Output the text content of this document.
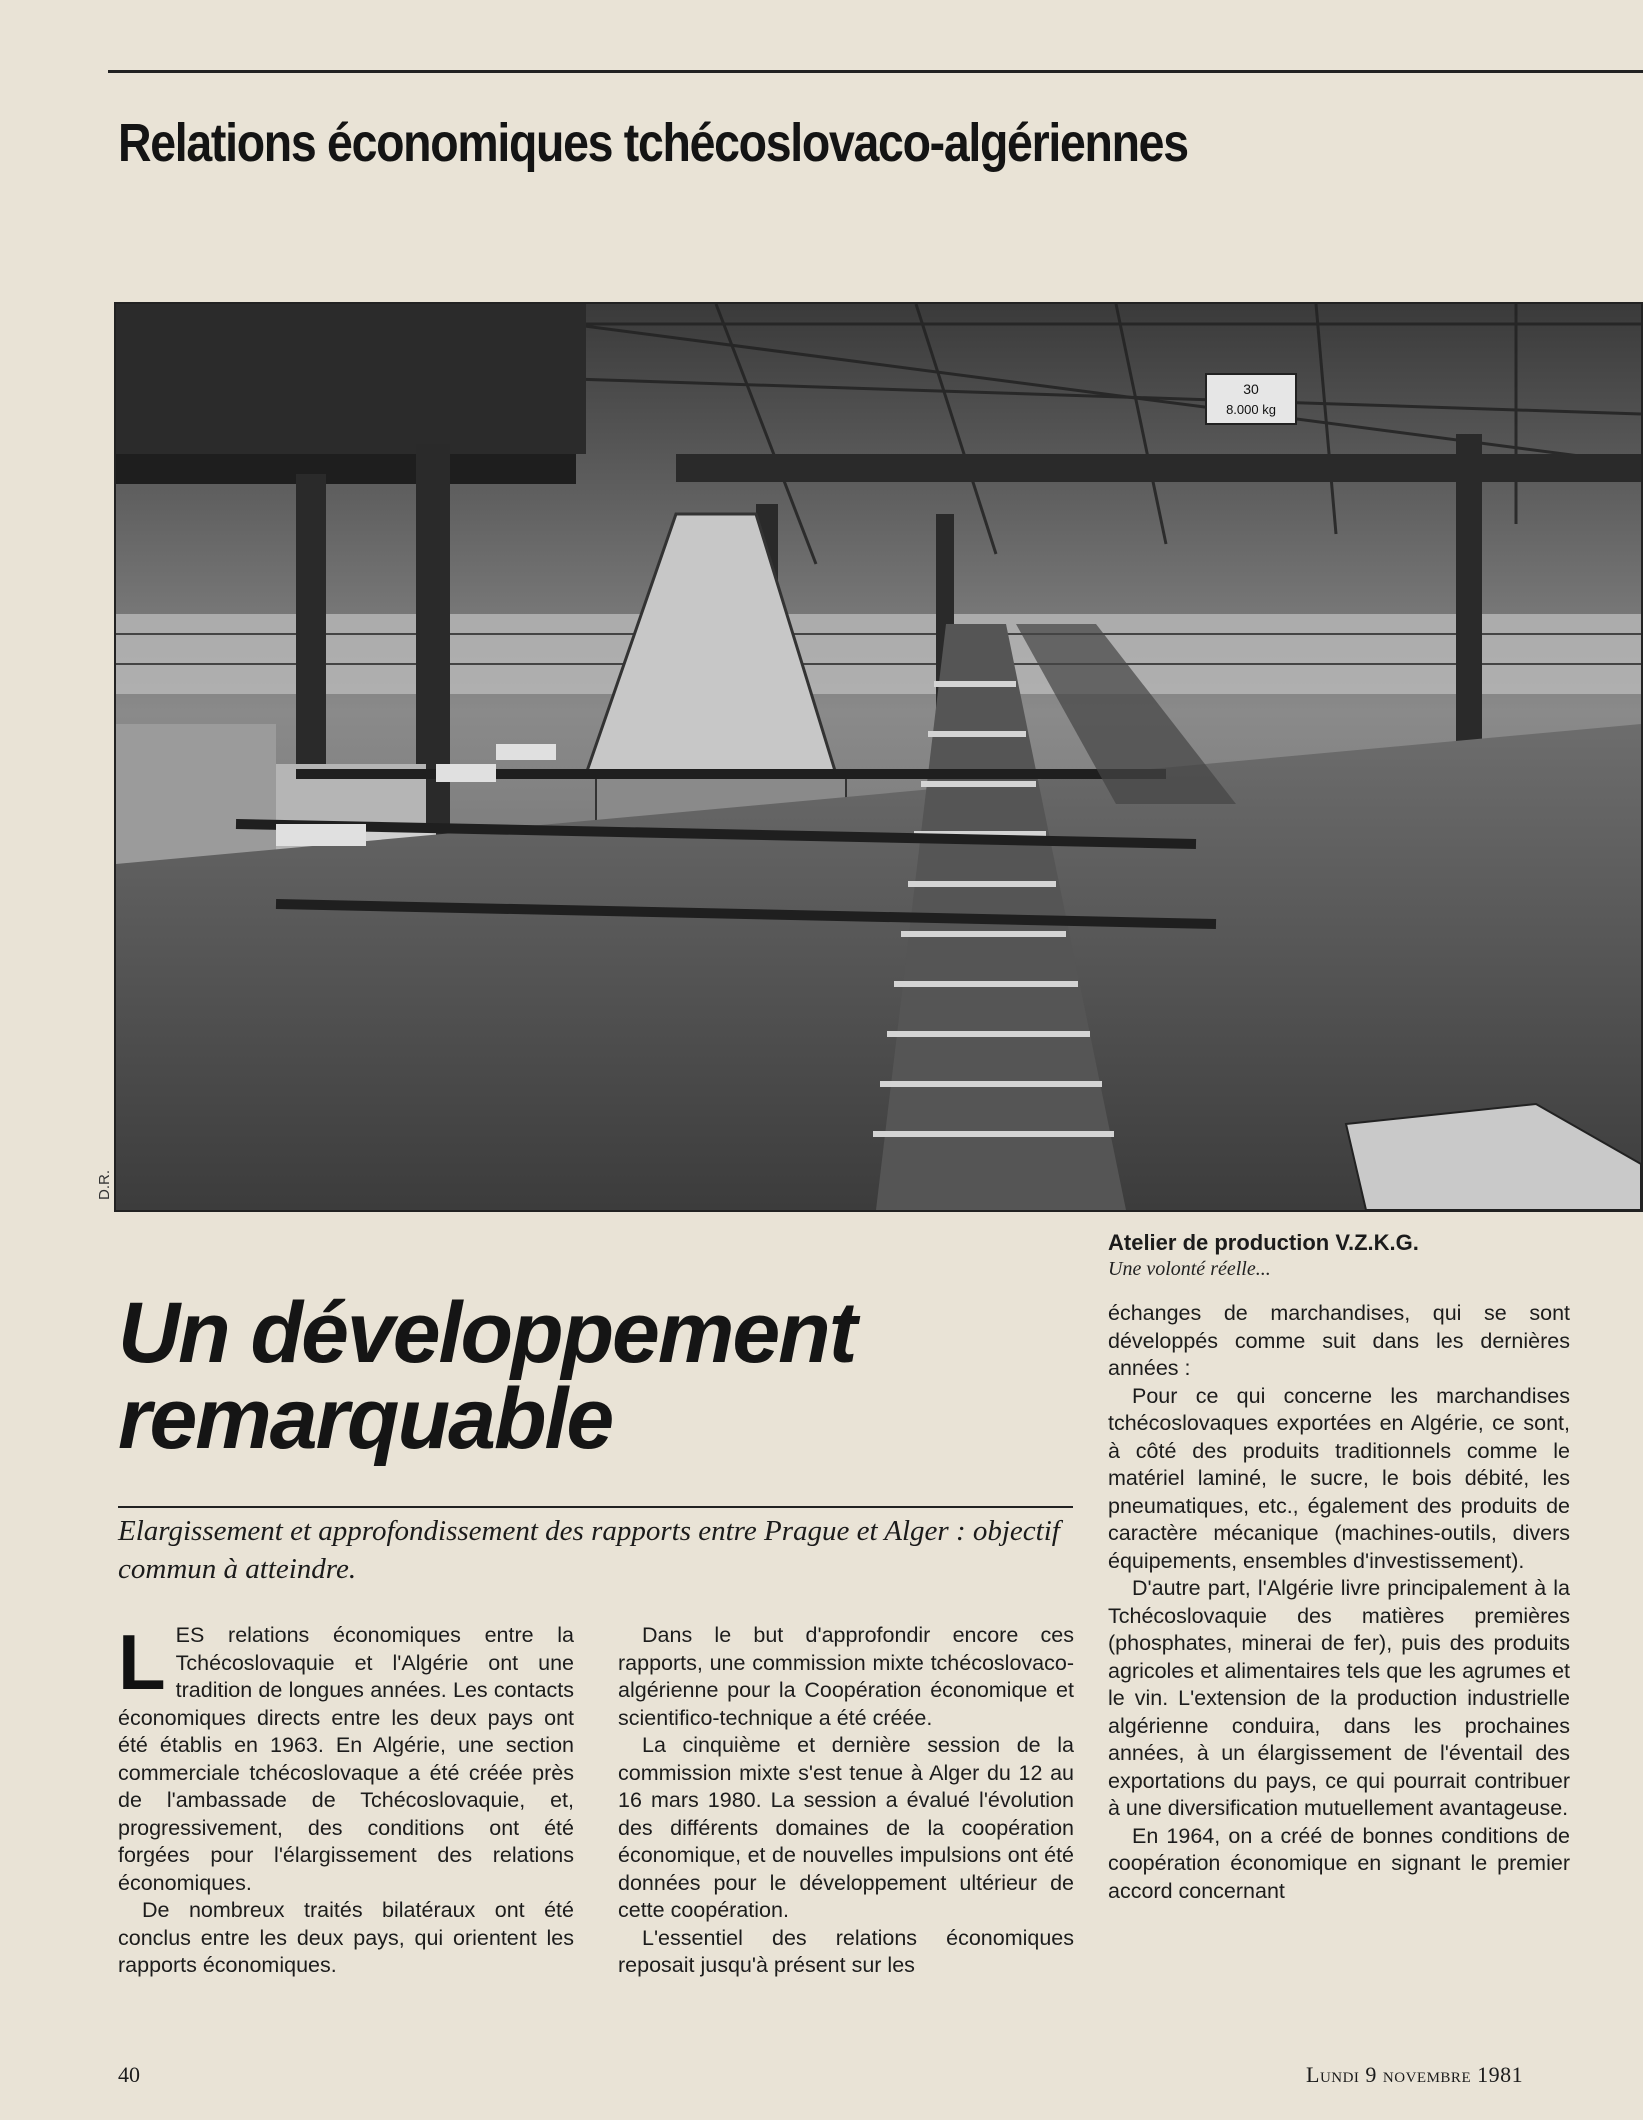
Relations économiques tchécoslovaco-algériennes
30
8.000 kg
D.R.
Atelier de production V.Z.K.G.
Une volonté réelle...
Un développement remarquable
Elargissement et approfondissement des rapports entre Prague et Alger : objectif commun à atteindre.

LES relations économiques entre la Tchécoslovaquie et l'Algérie ont une tradition de longues années. Les contacts économiques directs entre les deux pays ont été établis en 1963. En Algérie, une section commerciale tchécoslovaque a été créée près de l'ambassade de Tchécoslovaquie, et, progressivement, des conditions ont été forgées pour l'élargissement des relations économiques.

De nombreux traités bilatéraux ont été conclus entre les deux pays, qui orientent les rapports économiques.

Dans le but d'approfondir encore ces rapports, une commission mixte tchécoslovaco-algérienne pour la Coopération économique et scientifico-technique a été créée.

La cinquième et dernière session de la commission mixte s'est tenue à Alger du 12 au 16 mars 1980. La session a évalué l'évolution des différents domaines de la coopération économique, et de nouvelles impulsions ont été données pour le développement ultérieur de cette coopération.

L'essentiel des relations économiques reposait jusqu'à présent sur les

échanges de marchandises, qui se sont développés comme suit dans les dernières années :

Pour ce qui concerne les marchandises tchécoslovaques exportées en Algérie, ce sont, à côté des produits traditionnels comme le matériel laminé, le sucre, le bois débité, les pneumatiques, etc., également des produits de caractère mécanique (machines-outils, divers équipements, ensembles d'investissement).

D'autre part, l'Algérie livre principalement à la Tchécoslovaquie des matières premières (phosphates, minerai de fer), puis des produits agricoles et alimentaires tels que les agrumes et le vin. L'extension de la production industrielle algérienne conduira, dans les prochaines années, à un élargissement de l'éventail des exportations du pays, ce qui pourrait contribuer à une diversification mutuellement avantageuse.

En 1964, on a créé de bonnes conditions de coopération économique en signant le premier accord concernant

40	Lundi 9 novembre 1981
